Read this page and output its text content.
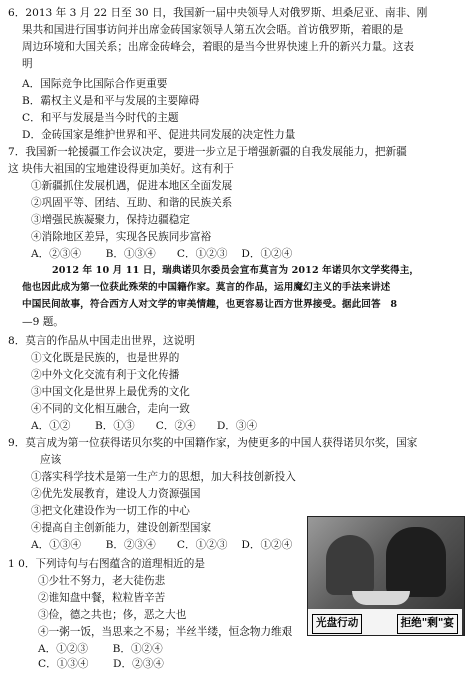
6．2013 年 3 月 22 日至 30 日，我国新一届中央领导人对俄罗斯、坦桑尼亚、南非、刚
果共和国进行国事访问并出席金砖国家领导人第五次会晤。首访俄罗斯，着眼的是
周边环境和大国关系；出席金砖峰会，着眼的是当今世界快速上升的新兴力量。这表
明
A．国际竞争比国际合作更重要
B．霸权主义是和平与发展的主要障碍
C．和平与发展是当今时代的主题
D．金砖国家是维护世界和平、促进共同发展的决定性力量
7．我国新一轮援疆工作会议决定，要进一步立足于增强新疆的自我发展能力，把新疆
这 块伟大祖国的宝地建设得更加美好。这有利于
①新疆抓住发展机遇，促进本地区全面发展
②巩固平等、团结、互助、和谐的民族关系
③增强民族凝聚力，保持边疆稳定
④消除地区差异，实现各民族同步富裕
A．②③④　　 B．①③④　　C．①②③　 D．①②④
2012 年 10 月 11 日，瑞典诺贝尔委员会宣布莫言为 2012 年诺贝尔文学奖得主，
他也因此成为第一位获此殊荣的中国籍作家。莫言的作品，运用魔幻主义的手法来讲述
中国民间故事，符合西方人对文学的审美情趣，也更容易让西方世界接受。据此回答　8
—9 题。
8．莫言的作品从中国走出世界，这说明
①文化既是民族的，也是世界的
②中外文化交流有利于文化传播
③中国文化是世界上最优秀的文化
④不同的文化相互融合，走向一致
A．①②　　 B．①③　　C．②④　　D．③④
9．莫言成为第一位获得诺贝尔奖的中国籍作家，为使更多的中国人获得诺贝尔奖，国家
应该
①落实科学技术是第一生产力的思想，加大科技创新投入
②优先发展教育，建设人力资源强国
③把文化建设作为一切工作的中心
④提高自主创新能力，建设创新型国家
A．①③④　　 B．②③④　　C．①②③　 D．①②④
1 0．下列诗句与右图蕴含的道理相近的是
①少壮不努力，老大徒伤悲
②谁知盘中餐，粒粒皆辛苦
③俭，德之共也；侈，恶之大也
④一粥一饭，当思来之不易；半丝半缕，恒念物力维艰
A．①②③　　 B．①②④
C．①③④　　 D．②③④
光盘行动	拒绝"剩"宴
